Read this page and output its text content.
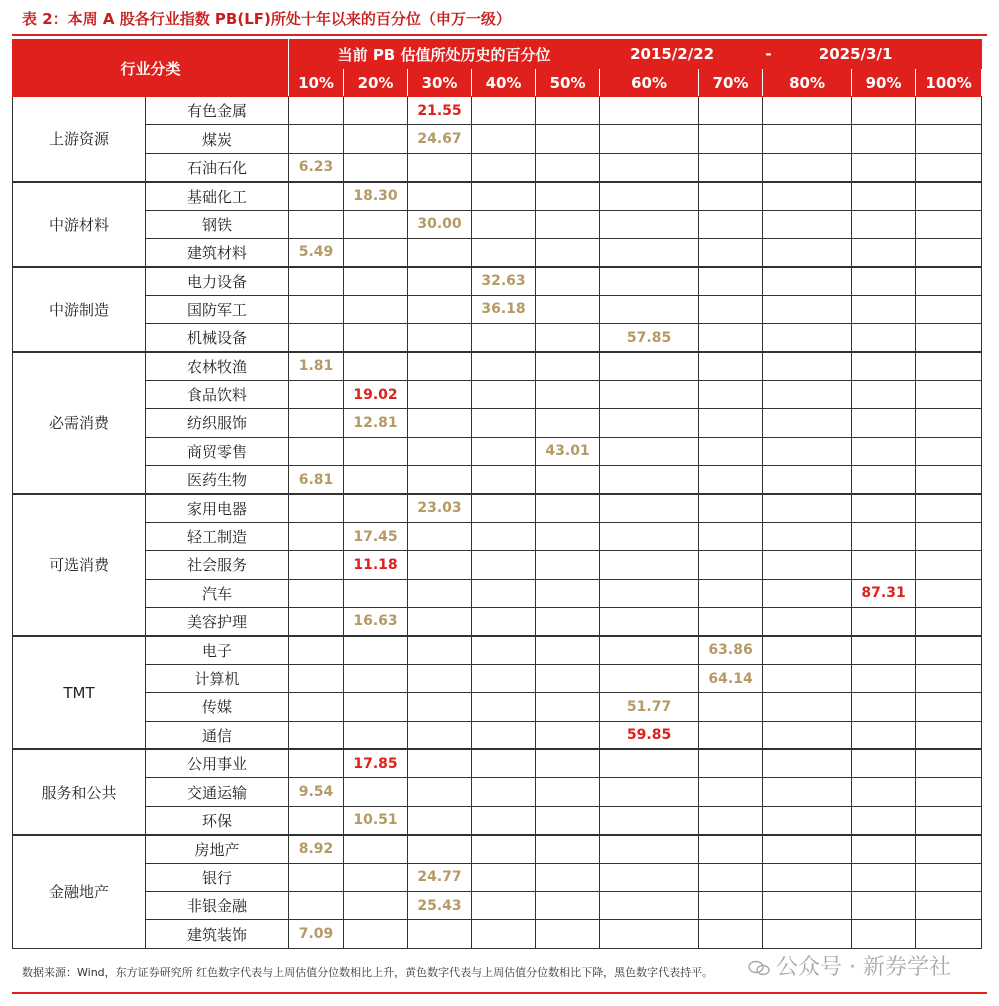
表 2：本周 A 股各行业指数 PB(LF)所处十年以来的百分位（申万一级）
行业分类		当前 PB 估值所处历史的百分位					2015/2/22 - 2025/3/1				
		10%	20%	30%	40%	50%	60%	70%	80%	90%	100%
上游资源	有色金属			21.55							
	煤炭			24.67							
	石油石化	6.23									
中游材料	基础化工		18.30								
	钢铁			30.00							
	建筑材料	5.49									
中游制造	电力设备				32.63						
	国防军工				36.18						
	机械设备						57.85				
必需消费	农林牧渔	1.81									
	食品饮料		19.02								
	纺织服饰		12.81								
	商贸零售					43.01					
	医药生物	6.81									
可选消费	家用电器			23.03							
	轻工制造		17.45								
	社会服务		11.18								
	汽车									87.31	
	美容护理		16.63								
TMT	电子							63.86			
	计算机							64.14			
	传媒						51.77				
	通信						59.85				
服务和公共	公用事业		17.85								
	交通运输	9.54									
	环保		10.51								
金融地产	房地产	8.92									
	银行			24.77							
	非银金融			25.43							
	建筑装饰	7.09									
数据来源：Wind，东方证券研究所 红色数字代表与上周估值分位数相比上升，黄色数字代表与上周估值分位数相比下降，黑色数字代表持平。	公众号 · 新券学社
